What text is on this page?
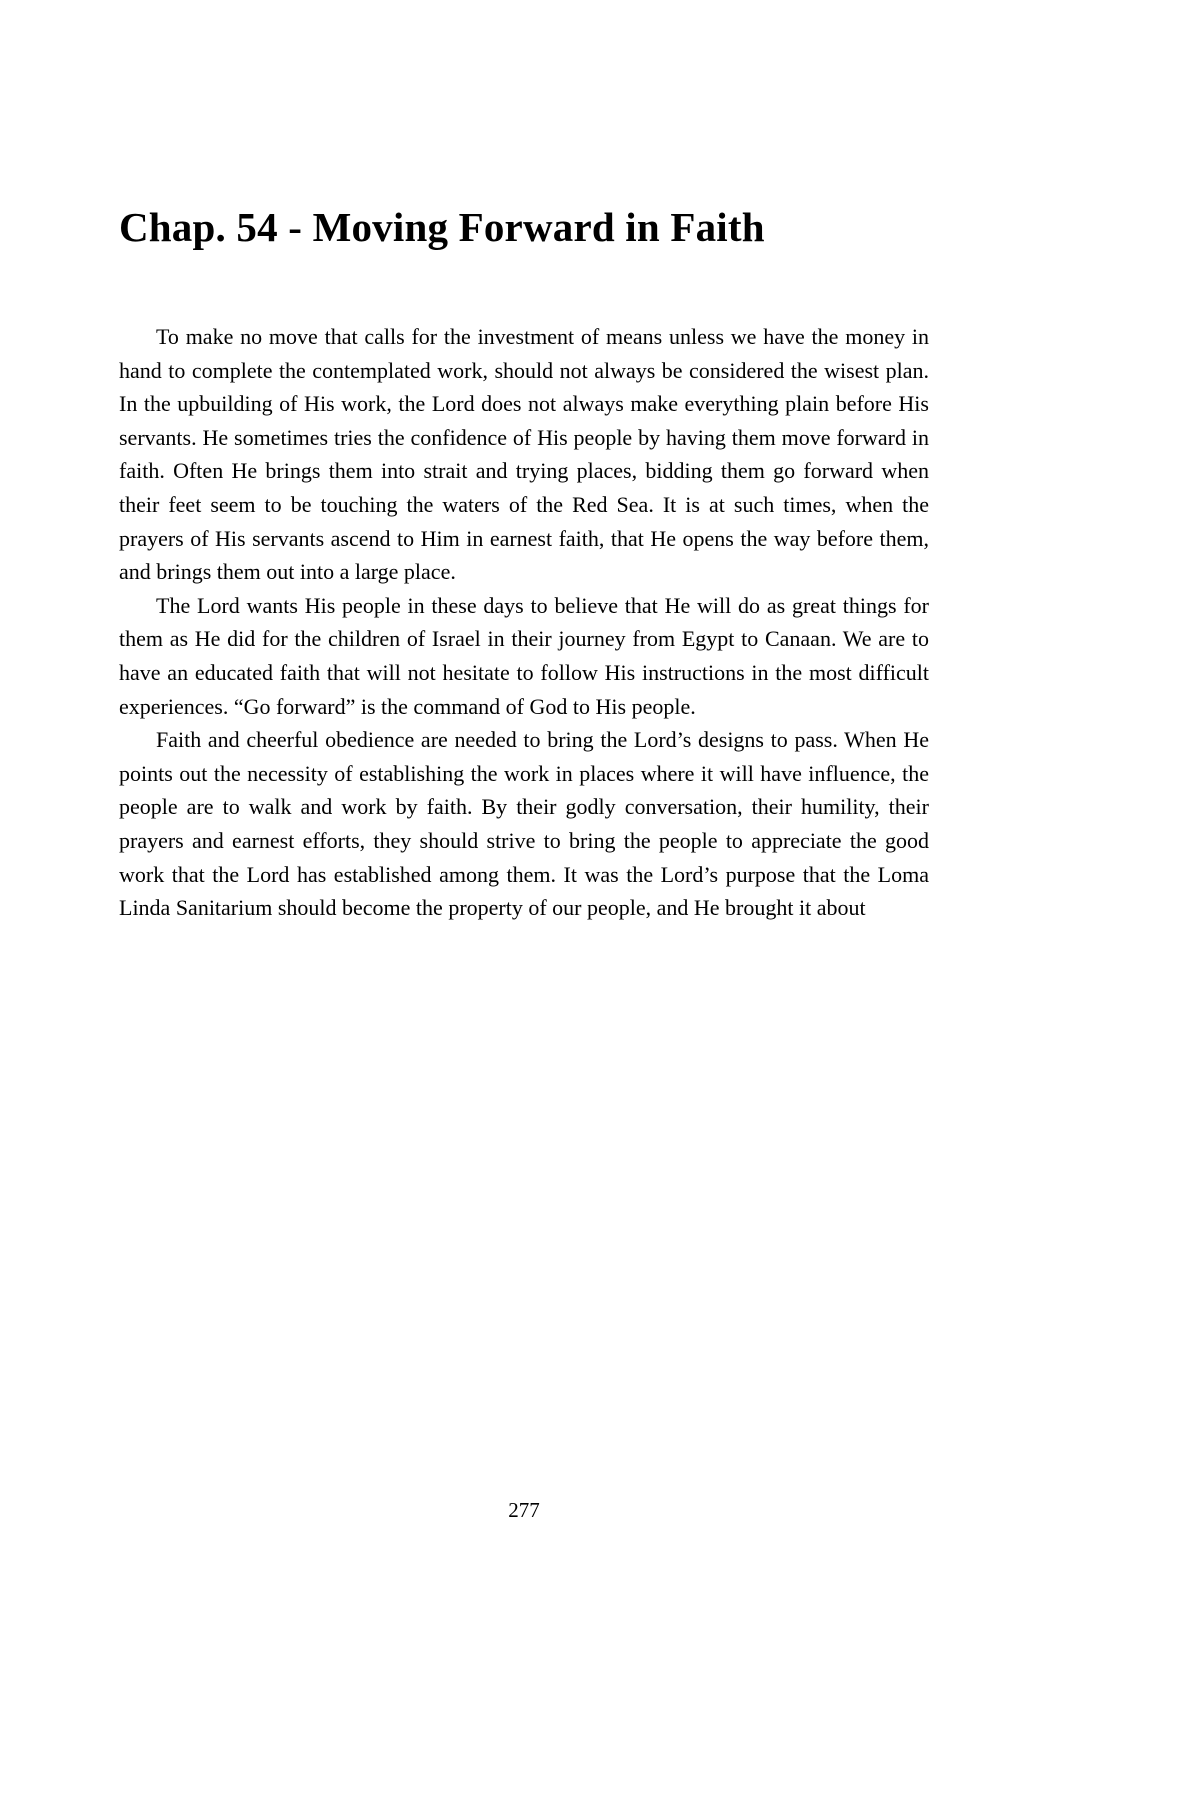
Chap. 54 - Moving Forward in Faith

To make no move that calls for the investment of means unless we have the money in hand to complete the contemplated work, should not always be considered the wisest plan. In the upbuilding of His work, the Lord does not always make everything plain before His servants. He sometimes tries the confidence of His people by having them move forward in faith. Often He brings them into strait and trying places, bidding them go forward when their feet seem to be touching the waters of the Red Sea. It is at such times, when the prayers of His servants ascend to Him in earnest faith, that He opens the way before them, and brings them out into a large place.

The Lord wants His people in these days to believe that He will do as great things for them as He did for the children of Israel in their journey from Egypt to Canaan. We are to have an educated faith that will not hesitate to follow His instructions in the most difficult experiences. “Go forward” is the command of God to His people.

Faith and cheerful obedience are needed to bring the Lord’s designs to pass. When He points out the necessity of establishing the work in places where it will have influence, the people are to walk and work by faith. By their godly conversation, their humility, their prayers and earnest efforts, they should strive to bring the people to appreciate the good work that the Lord has established among them. It was the Lord’s purpose that the Loma Linda Sanitarium should become the property of our people, and He brought it about

277
